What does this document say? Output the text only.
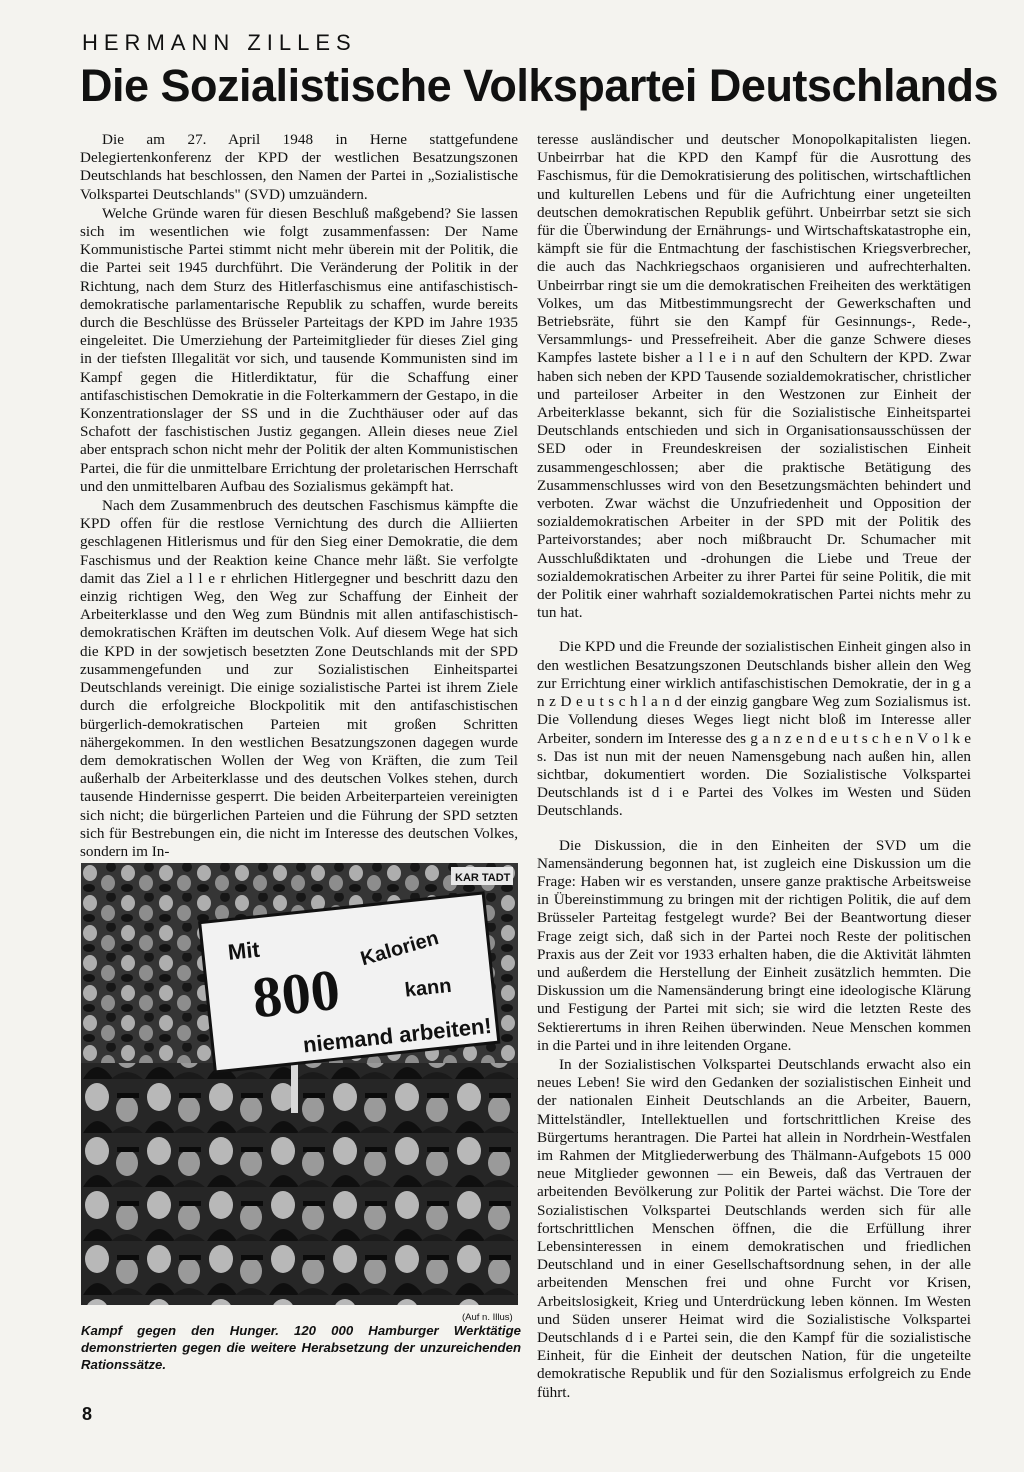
HERMANN ZILLES
Die Sozialistische Volkspartei Deutschlands

Die am 27. April 1948 in Herne stattgefundene Delegiertenkonferenz der KPD der westlichen Besatzungszonen Deutschlands hat beschlossen, den Namen der Partei in „Sozialistische Volkspartei Deutschlands" (SVD) umzuändern.

Welche Gründe waren für diesen Beschluß maßgebend? Sie lassen sich im wesentlichen wie folgt zusammenfassen: Der Name Kommunistische Partei stimmt nicht mehr überein mit der Politik, die die Partei seit 1945 durchführt. Die Veränderung der Politik in der Richtung, nach dem Sturz des Hitlerfaschismus eine antifaschistisch-demokratische parlamentarische Republik zu schaffen, wurde bereits durch die Beschlüsse des Brüsseler Parteitags der KPD im Jahre 1935 eingeleitet. Die Umerziehung der Parteimitglieder für dieses Ziel ging in der tiefsten Illegalität vor sich, und tausende Kommunisten sind im Kampf gegen die Hitlerdiktatur, für die Schaffung einer antifaschistischen Demokratie in die Folterkammern der Gestapo, in die Konzentrationslager der SS und in die Zuchthäuser oder auf das Schafott der faschistischen Justiz gegangen. Allein dieses neue Ziel aber entsprach schon nicht mehr der Politik der alten Kommunistischen Partei, die für die unmittelbare Errichtung der proletarischen Herrschaft und den unmittelbaren Aufbau des Sozialismus gekämpft hat.

Nach dem Zusammenbruch des deutschen Faschismus kämpfte die KPD offen für die restlose Vernichtung des durch die Alliierten geschlagenen Hitlerismus und für den Sieg einer Demokratie, die dem Faschismus und der Reaktion keine Chance mehr läßt. Sie verfolgte damit das Ziel a l l e r ehrlichen Hitlergegner und beschritt dazu den einzig richtigen Weg, den Weg zur Schaffung der Einheit der Arbeiterklasse und den Weg zum Bündnis mit allen antifaschistisch-demokratischen Kräften im deutschen Volk. Auf diesem Wege hat sich die KPD in der sowjetisch besetzten Zone Deutschlands mit der SPD zusammengefunden und zur Sozialistischen Einheitspartei Deutschlands vereinigt. Die einige sozialistische Partei ist ihrem Ziele durch die erfolgreiche Blockpolitik mit den antifaschistischen bürgerlich-demokratischen Parteien mit großen Schritten nähergekommen. In den westlichen Besatzungszonen dagegen wurde dem demokratischen Wollen der Weg von Kräften, die zum Teil außerhalb der Arbeiterklasse und des deutschen Volkes stehen, durch tausende Hindernisse gesperrt. Die beiden Arbeiterparteien vereinigten sich nicht; die bürgerlichen Parteien und die Führung der SPD setzten sich für Bestrebungen ein, die nicht im Interesse des deutschen Volkes, sondern im In-

teresse ausländischer und deutscher Monopolkapitalisten liegen. Unbeirrbar hat die KPD den Kampf für die Ausrottung des Faschismus, für die Demokratisierung des politischen, wirtschaftlichen und kulturellen Lebens und für die Aufrichtung einer ungeteilten deutschen demokratischen Republik geführt. Unbeirrbar setzt sie sich für die Überwindung der Ernährungs- und Wirtschaftskatastrophe ein, kämpft sie für die Entmachtung der faschistischen Kriegsverbrecher, die auch das Nachkriegschaos organisieren und aufrechterhalten. Unbeirrbar ringt sie um die demokratischen Freiheiten des werktätigen Volkes, um das Mitbestimmungsrecht der Gewerkschaften und Betriebsräte, führt sie den Kampf für Gesinnungs-, Rede-, Versammlungs- und Pressefreiheit. Aber die ganze Schwere dieses Kampfes lastete bisher a l l e i n auf den Schultern der KPD. Zwar haben sich neben der KPD Tausende sozialdemokratischer, christlicher und parteiloser Arbeiter in den Westzonen zur Einheit der Arbeiterklasse bekannt, sich für die Sozialistische Einheitspartei Deutschlands entschieden und sich in Organisationsausschüssen der SED oder in Freundeskreisen der sozialistischen Einheit zusammengeschlossen; aber die praktische Betätigung des Zusammenschlusses wird von den Besetzungsmächten behindert und verboten. Zwar wächst die Unzufriedenheit und Opposition der sozialdemokratischen Arbeiter in der SPD mit der Politik des Parteivorstandes; aber noch mißbraucht Dr. Schumacher mit Ausschlußdiktaten und -drohungen die Liebe und Treue der sozialdemokratischen Arbeiter zu ihrer Partei für seine Politik, die mit der Politik einer wahrhaft sozialdemokratischen Partei nichts mehr zu tun hat.

Die KPD und die Freunde der sozialistischen Einheit gingen also in den westlichen Besatzungszonen Deutschlands bisher allein den Weg zur Errichtung einer wirklich antifaschistischen Demokratie, der in g a n z D e u t s c h l a n d der einzig gangbare Weg zum Sozialismus ist. Die Vollendung dieses Weges liegt nicht bloß im Interesse aller Arbeiter, sondern im Interesse des g a n z e n d e u t s c h e n V o l k e s. Das ist nun mit der neuen Namensgebung nach außen hin, allen sichtbar, dokumentiert worden. Die Sozialistische Volkspartei Deutschlands ist d i e Partei des Volkes im Westen und Süden Deutschlands.

Die Diskussion, die in den Einheiten der SVD um die Namensänderung begonnen hat, ist zugleich eine Diskussion um die Frage: Haben wir es verstanden, unsere ganze praktische Arbeitsweise in Übereinstimmung zu bringen mit der richtigen Politik, die auf dem Brüsseler Parteitag festgelegt wurde? Bei der Beantwortung dieser Frage zeigt sich, daß sich in der Partei noch Reste der politischen Praxis aus der Zeit vor 1933 erhalten haben, die die Aktivität lähmten und außerdem die Herstellung der Einheit zusätzlich hemmten. Die Diskussion um die Namensänderung bringt eine ideologische Klärung und Festigung der Partei mit sich; sie wird die letzten Reste des Sektierertums in ihren Reihen überwinden. Neue Menschen kommen in die Partei und in ihre leitenden Organe.

In der Sozialistischen Volkspartei Deutschlands erwacht also ein neues Leben! Sie wird den Gedanken der sozialistischen Einheit und der nationalen Einheit Deutschlands an die Arbeiter, Bauern, Mittelständler, Intellektuellen und fortschrittlichen Kreise des Bürgertums herantragen. Die Partei hat allein in Nordrhein-Westfalen im Rahmen der Mitgliederwerbung des Thälmann-Aufgebots 15 000 neue Mitglieder gewonnen — ein Beweis, daß das Vertrauen der arbeitenden Bevölkerung zur Politik der Partei wächst. Die Tore der Sozialistischen Volkspartei Deutschlands werden sich für alle fortschrittlichen Menschen öffnen, die die Erfüllung ihrer Lebensinteressen in einem demokratischen und friedlichen Deutschland und in einer Gesellschaftsordnung sehen, in der alle arbeitenden Menschen frei und ohne Furcht vor Krisen, Arbeitslosigkeit, Krieg und Unterdrückung leben können. Im Westen und Süden unserer Heimat wird die Sozialistische Volkspartei Deutschlands d i e Partei sein, die den Kampf für die sozialistische Einheit, für die Einheit der deutschen Nation, für die ungeteilte demokratische Republik und für den Sozialismus erfolgreich zu Ende führt.

Mit
800
Kalorien
kann
niemand arbeiten!
KAR TADT
(Auf n. Illus)
Kampf gegen den Hunger. 120 000 Hamburger Werktätige demonstrierten gegen die weitere Herabsetzung der unzureichenden Rationssätze.
8
